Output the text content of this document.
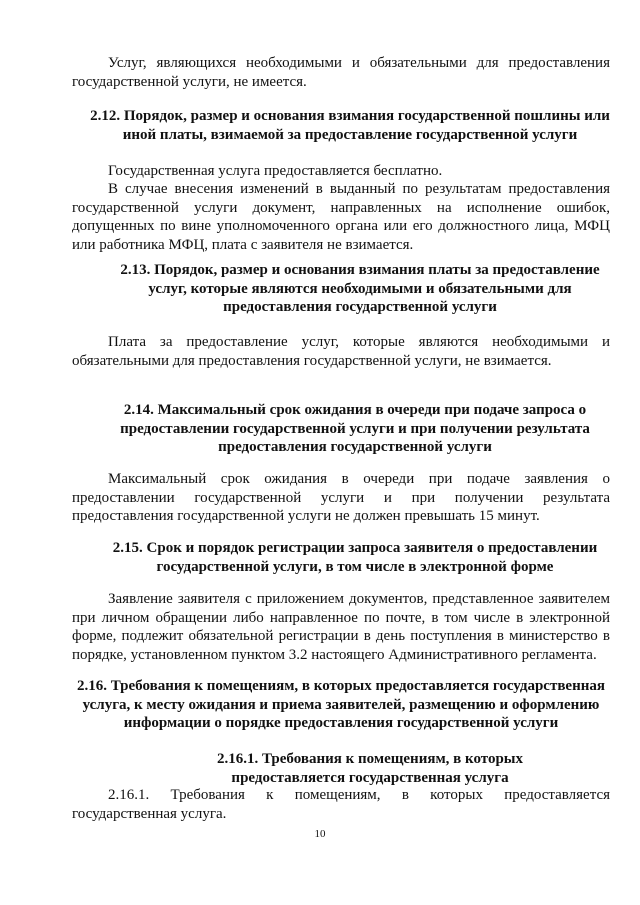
Услуг, являющихся необходимыми и обязательными для предоставления государственной услуги, не имеется.

2.12. Порядок, размер и основания взимания государственной пошлины или иной платы, взимаемой за предоставление государственной услуги

Государственная услуга предоставляется бесплатно.

В случае внесения изменений в выданный по результатам предоставления государственной услуги документ, направленных на исполнение ошибок, допущенных по вине уполномоченного органа или его должностного лица, МФЦ или работника МФЦ, плата с заявителя не взимается.

2.13. Порядок, размер и основания взимания платы за предоставление услуг, которые являются необходимыми и обязательными для предоставления государственной услуги

Плата за предоставление услуг, которые являются необходимыми и обязательными для предоставления государственной услуги, не взимается.

2.14. Максимальный срок ожидания в очереди при подаче запроса о предоставлении государственной услуги и при получении результата предоставления государственной услуги

Максимальный срок ожидания в очереди при подаче заявления о предоставлении государственной услуги и при получении результата предоставления государственной услуги не должен превышать 15 минут.

2.15. Срок и порядок регистрации запроса заявителя о предоставлении государственной услуги, в том числе в электронной форме

Заявление заявителя с приложением документов, представленное заявителем при личном обращении либо направленное по почте, в том числе в электронной форме, подлежит обязательной регистрации в день поступления в министерство в порядке, установленном пунктом 3.2 настоящего Административного регламента.

2.16. Требования к помещениям, в которых предоставляется государственная услуга, к месту ожидания и приема заявителей, размещению и оформлению информации о порядке предоставления государственной услуги

2.16.1. Требования к помещениям, в которых предоставляется государственная услуга

2.16.1. Требования к помещениям, в которых предоставляется государственная услуга.

10
